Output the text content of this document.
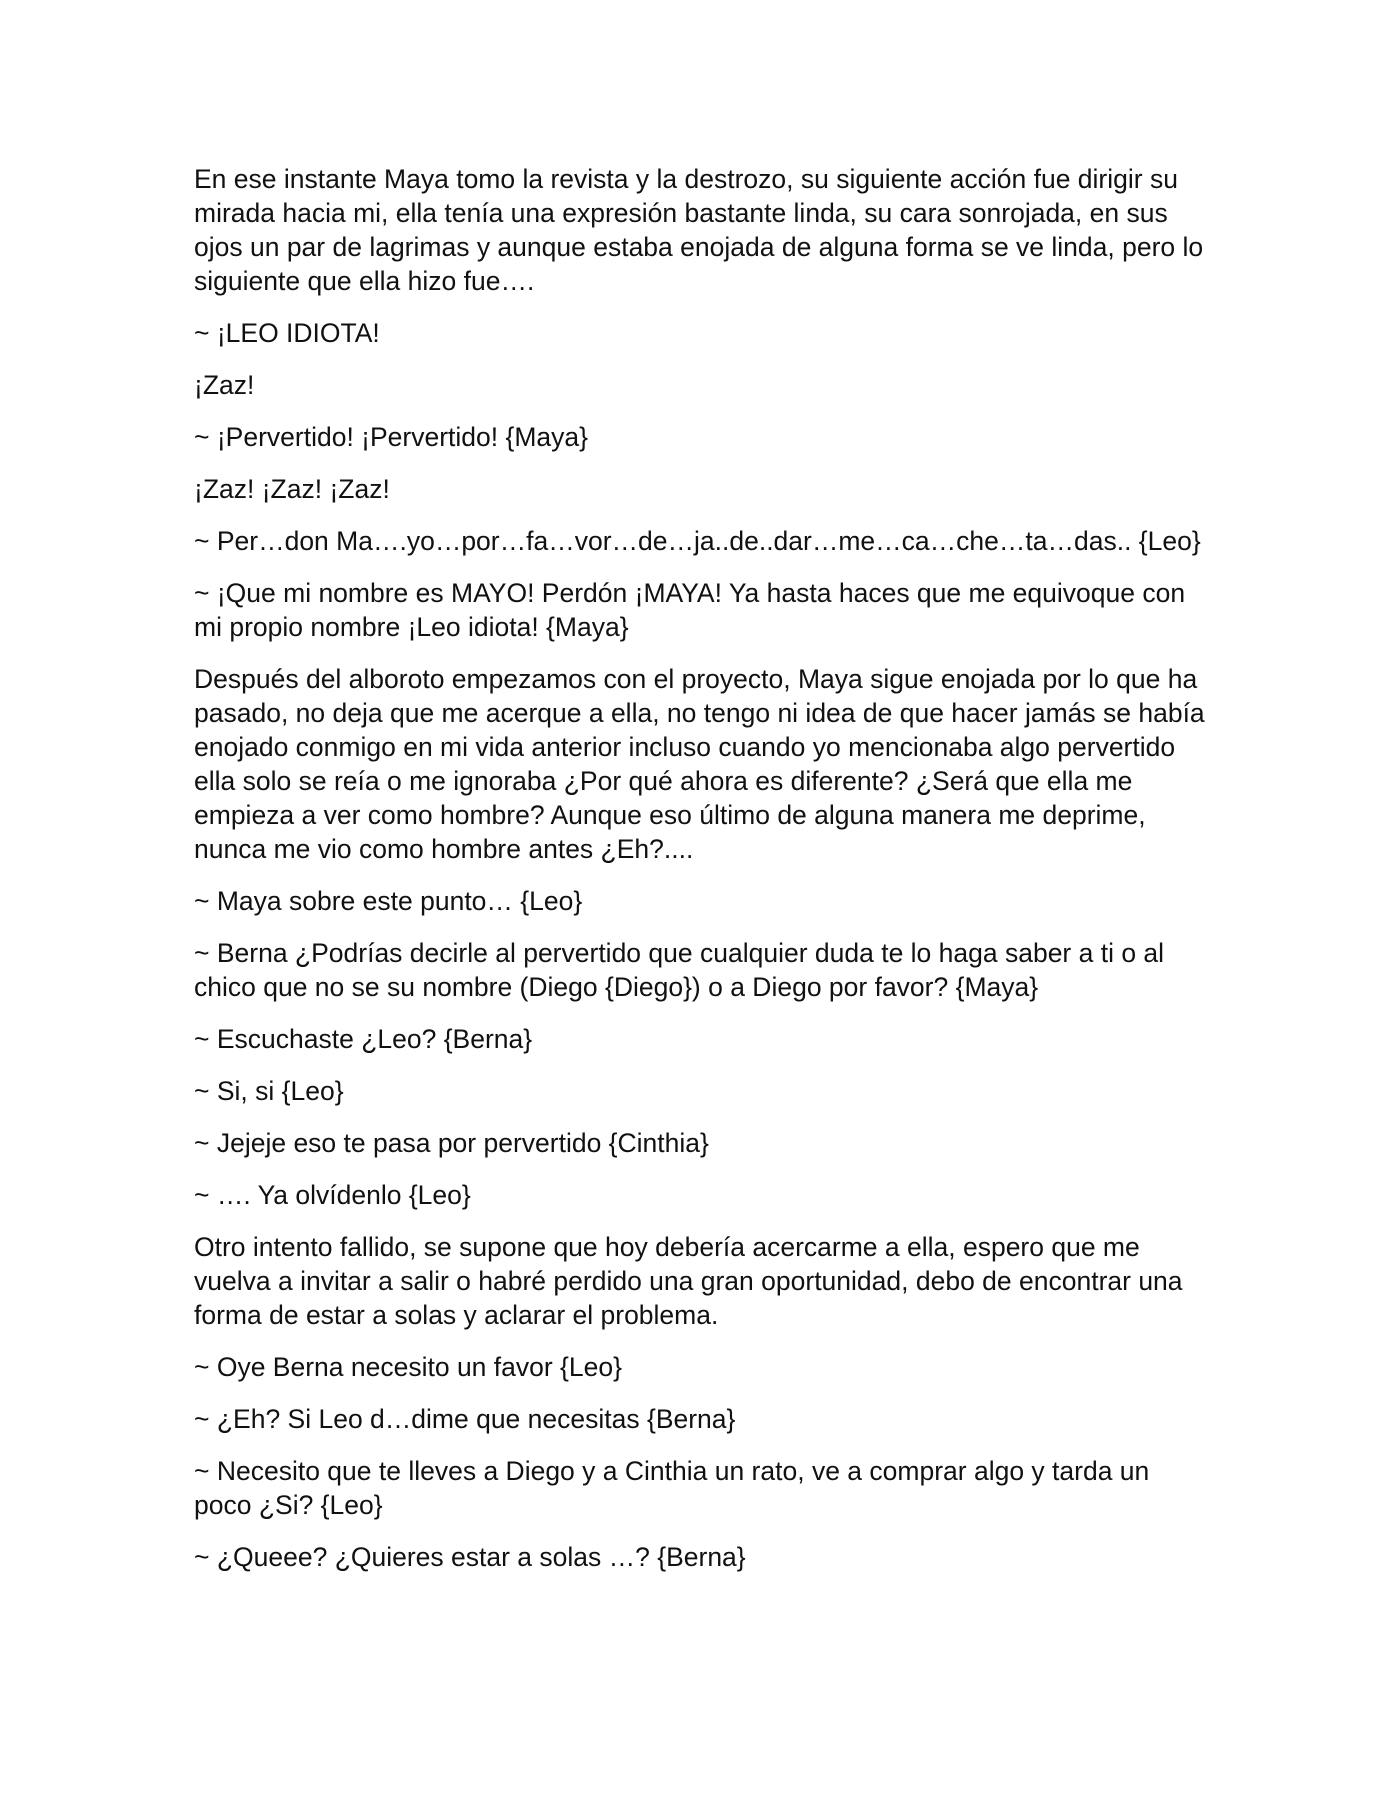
En ese instante Maya tomo la revista y la destrozo, su siguiente acción fue dirigir su mirada hacia mi, ella tenía una expresión bastante linda, su cara sonrojada, en sus ojos un par de lagrimas y aunque estaba enojada de alguna forma se ve linda, pero lo siguiente que ella hizo fue….

~ ¡LEO IDIOTA!

¡Zaz!

~ ¡Pervertido! ¡Pervertido! {Maya}

¡Zaz! ¡Zaz! ¡Zaz!

~ Per…don Ma….yo…por…fa…vor…de…ja..de..dar…me…ca…che…ta…das.. {Leo}

~ ¡Que mi nombre es MAYO! Perdón ¡MAYA! Ya hasta haces que me equivoque con mi propio nombre ¡Leo idiota! {Maya}

Después del alboroto empezamos con el proyecto, Maya sigue enojada por lo que ha pasado, no deja que me acerque a ella, no tengo ni idea de que hacer jamás se había enojado conmigo en mi vida anterior incluso cuando yo mencionaba algo pervertido ella solo se reía o me ignoraba ¿Por qué ahora es diferente? ¿Será que ella me empieza a ver como hombre? Aunque eso último de alguna manera me deprime, nunca me vio como hombre antes ¿Eh?....

~ Maya sobre este punto… {Leo}

~ Berna ¿Podrías decirle al pervertido que cualquier duda te lo haga saber a ti o al chico que no se su nombre (Diego {Diego}) o a Diego por favor? {Maya}

~ Escuchaste ¿Leo? {Berna}

~ Si, si {Leo}

~ Jejeje eso te pasa por pervertido {Cinthia}

~ …. Ya olvídenlo {Leo}

Otro intento fallido, se supone que hoy debería acercarme a ella, espero que me vuelva a invitar a salir o habré perdido una gran oportunidad, debo de encontrar una forma de estar a solas y aclarar el problema.

~ Oye Berna necesito un favor {Leo}

~ ¿Eh? Si Leo d…dime que necesitas {Berna}

~ Necesito que te lleves a Diego y a Cinthia un rato, ve a comprar algo y tarda un poco ¿Si? {Leo}

~ ¿Queee? ¿Quieres estar a solas …? {Berna}
